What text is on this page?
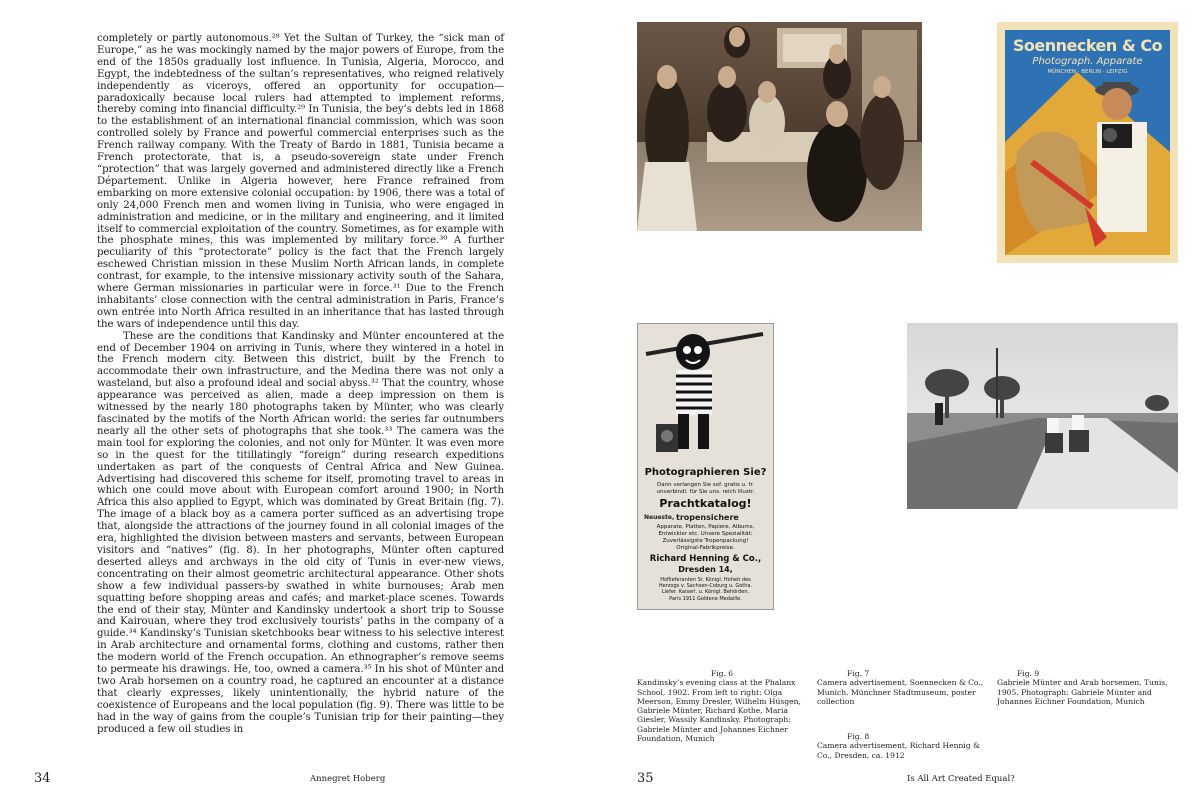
completely or partly autonomous.²⁸ Yet the Sultan of Turkey, the “sick man of Europe,” as he was mockingly named by the major powers of Europe, from the end of the 1850s gradually lost influence. In Tunisia, Algeria, Morocco, and Egypt, the indebtedness of the sultan’s representatives, who reigned relatively independently as viceroys, offered an opportunity for occupation—paradoxically because local rulers had attempted to implement reforms, thereby coming into financial difficulty.²⁹ In Tunisia, the bey’s debts led in 1868 to the establishment of an international financial commission, which was soon controlled solely by France and powerful commercial enterprises such as the French railway company. With the Treaty of Bardo in 1881, Tunisia became a French protectorate, that is, a pseudo-sovereign state under French “protection” that was largely governed and administered directly like a French Département. Unlike in Algeria however, here France refrained from embarking on more extensive colonial occupation: by 1906, there was a total of only 24,000 French men and women living in Tunisia, who were engaged in administration and medicine, or in the military and engineering, and it limited itself to commercial exploitation of the country. Sometimes, as for example with the phosphate mines, this was implemented by military force.³⁰ A further peculiarity of this “protectorate” policy is the fact that the French largely eschewed Christian mission in these Muslim North African lands, in complete contrast, for example, to the intensive missionary activity south of the Sahara, where German missionaries in particular were in force.³¹ Due to the French inhabitants’ close connection with the central administration in Paris, France’s own entrée into North Africa resulted in an inheritance that has lasted through the wars of independence until this day.

These are the conditions that Kandinsky and Münter encountered at the end of December 1904 on arriving in Tunis, where they wintered in a hotel in the French modern city. Between this district, built by the French to accommodate their own infrastructure, and the Medina there was not only a wasteland, but also a profound ideal and social abyss.³² That the country, whose appearance was perceived as alien, made a deep impression on them is witnessed by the nearly 180 photographs taken by Münter, who was clearly fascinated by the motifs of the North African world: the series far outnumbers nearly all the other sets of photographs that she took.³³ The camera was the main tool for exploring the colonies, and not only for Münter. It was even more so in the quest for the titillatingly “foreign” during research expeditions undertaken as part of the conquests of Central Africa and New Guinea. Advertising had discovered this scheme for itself, promoting travel to areas in which one could move about with European comfort around 1900; in North Africa this also applied to Egypt, which was dominated by Great Britain (fig. 7). The image of a black boy as a camera porter sufficed as an advertising trope that, alongside the attractions of the journey found in all colonial images of the era, highlighted the division between masters and servants, between European visitors and “natives” (fig. 8). In her photographs, Münter often captured deserted alleys and archways in the old city of Tunis in ever-new views, concentrating on their almost geometric architectural appearance. Other shots show a few individual passers-by swathed in white burnouses; Arab men squatting before shopping areas and cafés; and market-place scenes. Towards the end of their stay, Münter and Kandinsky undertook a short trip to Sousse and Kairouan, where they trod exclusively tourists’ paths in the company of a guide.³⁴ Kandinsky’s Tunisian sketchbooks bear witness to his selective interest in Arab architecture and ornamental forms, clothing and customs, rather then the modern world of the French occupation. An ethnographer’s remove seems to permeate his drawings. He, too, owned a camera.³⁵ In his shot of Münter and two Arab horsemen on a country road, he captured an encounter at a distance that clearly expresses, likely unintentionally, the hybrid nature of the coexistence of Europeans and the local population (fig. 9). There was little to be had in the way of gains from the couple’s Tunisian trip for their painting—they produced a few oil studies in

34	Annegret Hoberg
Soennecken & Co
Photograph. Apparate
MÜNCHEN · BERLIN · LEIPZIG
Photographieren Sie?
Dann verlangen Sie sof. gratis u. fr.
unverbindl. für Sie uns. reich illustr.
Prachtkatalog!
Neueste, tropensichere
Apparate, Platten, Papiere, Albums,
Entwickler etc. Unsere Spezialität:
Zuverlässigste Tropenpackung!
Original-Fabrikpreise.
Richard Henning & Co.,
Dresden 14,
Hoflieferanten Sr. Königl. Hoheit des
Herzogs v. Sachsen-Coburg u. Gotha.
Liefer. Kaiserl. u. Königl. Behörden.
Paris 1911 Goldene Medaille.
Fig. 6
Kandinsky’s evening class at the Phalanx School, 1902. From left to right: Olga Meerson, Emmy Dresler, Wilhelm Hüsgen, Gabriele Münter, Richard Kothe, Maria Giesler, Wassily Kandinsky. Photograph: Gabriele Münter and Johannes Eichner Foundation, Munich
Fig. 7
Camera advertisement, Soennecken & Co., Munich. Münchner Stadtmuseum, poster collection
Fig. 8
Camera advertisement, Richard Hennig & Co., Dresden, ca. 1912
Fig. 9
Gabriele Münter and Arab horsemen, Tunis, 1905. Photograph: Gabriele Münter and Johannes Eichner Foundation, Munich
35	Is All Art Created Equal?
